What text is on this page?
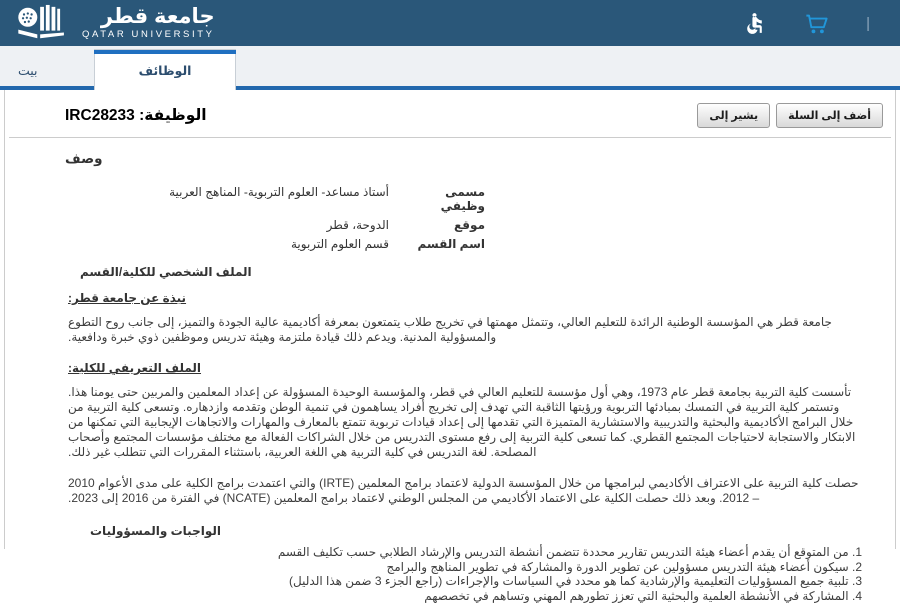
جامعة قطر
QATAR UNIVERSITY
|
بيت	الوظائف
الوظيفة: IRC28233	يشير إلى	أضف إلى السلة
وصف
مسمى وظيفي
أستاذ مساعد- العلوم التربوية- المناهج العربية
موقع
الدوحة، قطر
اسم القسم
قسم العلوم التربوية
الملف الشخصي للكلية/القسم
نبذة عن جامعة قطر:

جامعة قطر هي المؤسسة الوطنية الرائدة للتعليم العالي، وتتمثل مهمتها في تخريج طلاب يتمتعون بمعرفة أكاديمية عالية الجودة والتميز، إلى جانب روح التطوع والمسؤولية المدنية. ويدعم ذلك قيادة ملتزمة وهيئة تدريس وموظفين ذوي خبرة ودافعية.

الملف التعريفي للكلية:

تأسست كلية التربية بجامعة قطر عام 1973، وهي أول مؤسسة للتعليم العالي في قطر، والمؤسسة الوحيدة المسؤولة عن إعداد المعلمين والمربين حتى يومنا هذا. وتستمر كلية التربية في التمسك بمبادئها التربوية ورؤيتها الثاقبة التي تهدف إلى تخريج أفراد يساهمون في تنمية الوطن وتقدمه وازدهاره. وتسعى كلية التربية من خلال البرامج الأكاديمية والبحثية والتدريبية والاستشارية المتميزة التي تقدمها إلى إعداد قيادات تربوية تتمتع بالمعارف والمهارات والاتجاهات الإيجابية التي تمكنها من الابتكار والاستجابة لاحتياجات المجتمع القطري. كما تسعى كلية التربية إلى رفع مستوى التدريس من خلال الشراكات الفعالة مع مختلف مؤسسات المجتمع وأصحاب المصلحة. لغة التدريس في كلية التربية هي اللغة العربية، باستثناء المقررات التي تتطلب غير ذلك.

حصلت كلية التربية على الاعتراف الأكاديمي لبرامجها من خلال المؤسسة الدولية لاعتماد برامج المعلمين (IRTE) والتي اعتمدت برامج الكلية على مدى الأعوام 2010 – 2012. وبعد ذلك حصلت الكلية على الاعتماد الأكاديمي من المجلس الوطني لاعتماد برامج المعلمين (NCATE) في الفترة من 2016 إلى 2023.

الواجبات والمسؤوليات
1. من المتوقع أن يقدم أعضاء هيئة التدريس تقارير محددة تتضمن أنشطة التدريس والإرشاد الطلابي حسب تكليف القسم
2. سيكون أعضاء هيئة التدريس مسؤولين عن تطوير الدورة والمشاركة في تطوير المناهج والبرامج
3. تلبية جميع المسؤوليات التعليمية والإرشادية كما هو محدد في السياسات والإجراءات (راجع الجزء 3 ضمن هذا الدليل)
4. المشاركة في الأنشطة العلمية والبحثية التي تعزز تطورهم المهني وتساهم في تخصصهم
